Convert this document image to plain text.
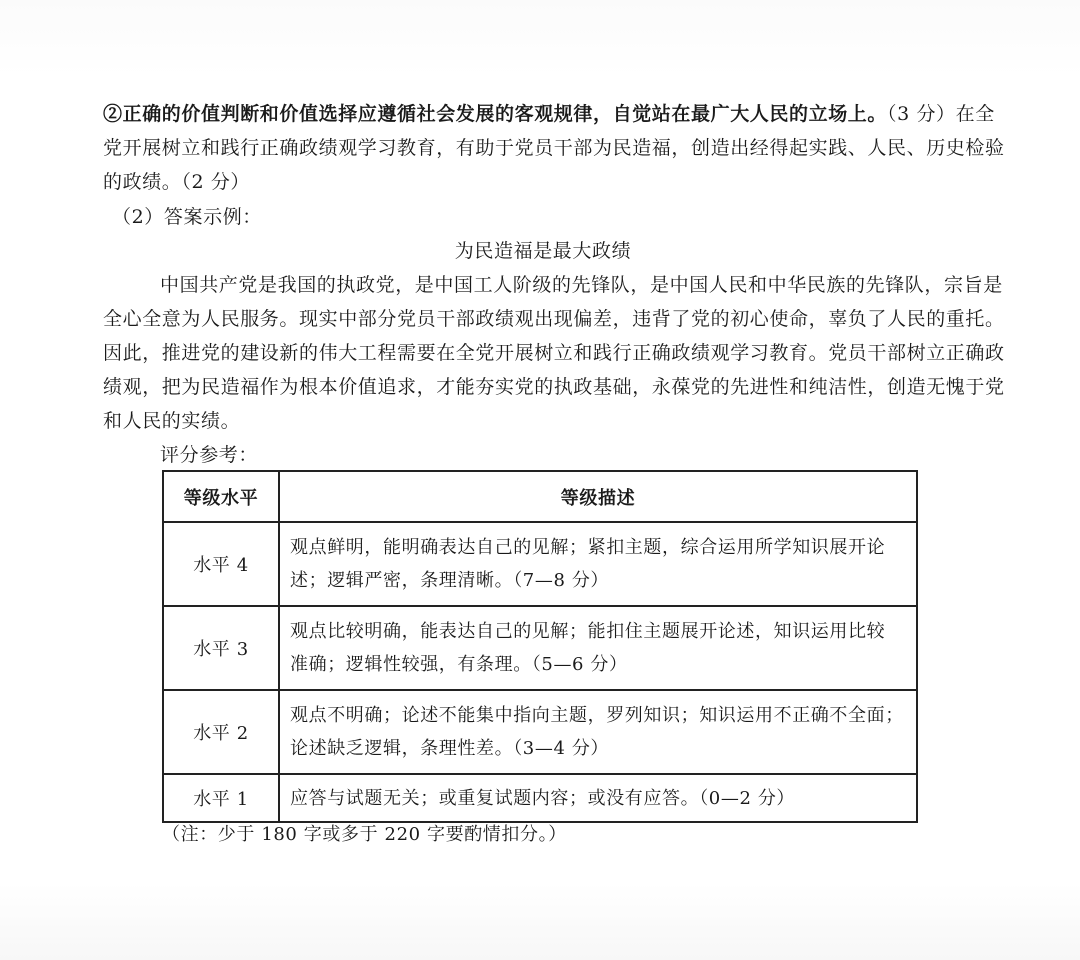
②正确的价值判断和价值选择应遵循社会发展的客观规律，自觉站在最广大人民的立场上。（3 分）在全
党开展树立和践行正确政绩观学习教育，有助于党员干部为民造福，创造出经得起实践、人民、历史检验
的政绩。（2 分）
（2）答案示例：
为民造福是最大政绩
中国共产党是我国的执政党，是中国工人阶级的先锋队，是中国人民和中华民族的先锋队，宗旨是
全心全意为人民服务。现实中部分党员干部政绩观出现偏差，违背了党的初心使命，辜负了人民的重托。
因此，推进党的建设新的伟大工程需要在全党开展树立和践行正确政绩观学习教育。党员干部树立正确政
绩观，把为民造福作为根本价值追求，才能夯实党的执政基础，永葆党的先进性和纯洁性，创造无愧于党
和人民的实绩。
评分参考：
等级水平	等级描述
水平 4	观点鲜明，能明确表达自己的见解；紧扣主题，综合运用所学知识展开论
述；逻辑严密，条理清晰。（7—8 分）

水平 3	观点比较明确，能表达自己的见解；能扣住主题展开论述，知识运用比较
准确；逻辑性较强，有条理。（5—6 分）

水平 2	观点不明确；论述不能集中指向主题，罗列知识；知识运用不正确不全面；
论述缺乏逻辑，条理性差。（3—4 分）

水平 1	应答与试题无关；或重复试题内容；或没有应答。（0—2 分）
（注：少于 180 字或多于 220 字要酌情扣分。）
